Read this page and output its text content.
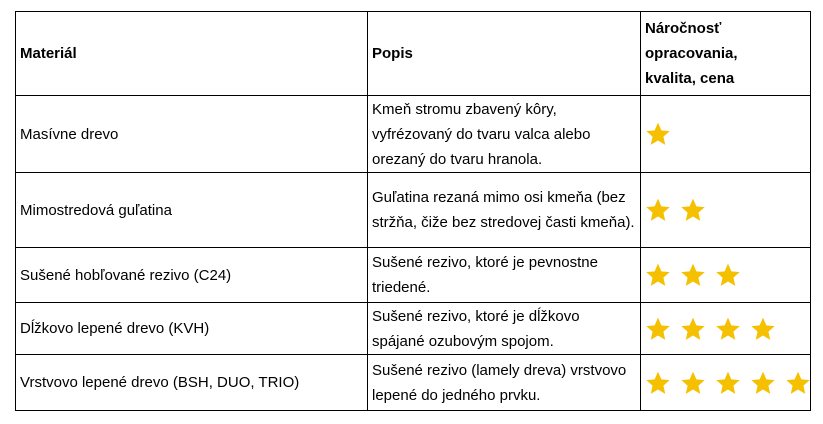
Materiál	Popis	Náročnosť
opracovania,
kvalita, cena

Masívne drevo	Kmeň stromu zbavený kôry, vyfrézovaný do tvaru valca alebo orezaný do tvaru hranola.	

Mimostredová guľatina	Guľatina rezaná mimo osi kmeňa (bez stržňa, čiže bez stredovej časti kmeňa).	

Sušené hobľované rezivo (C24)	Sušené rezivo, ktoré je pevnostne triedené.	

Dĺžkovo lepené drevo (KVH)	Sušené rezivo, ktoré je dĺžkovo spájané ozubovým spojom.	

Vrstvovo lepené drevo (BSH, DUO, TRIO)	Sušené rezivo (lamely dreva) vrstvovo lepené do jedného prvku.	
